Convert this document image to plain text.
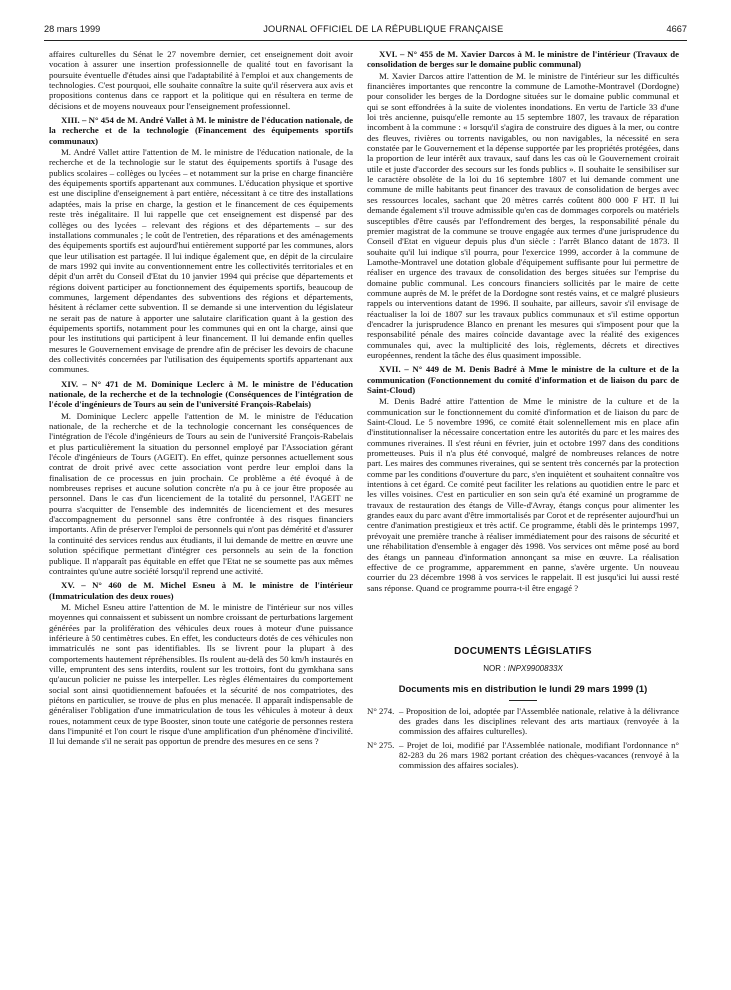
28 mars 1999	JOURNAL OFFICIEL DE LA RÉPUBLIQUE FRANÇAISE	4667

affaires culturelles du Sénat le 27 novembre dernier, cet enseignement doit avoir vocation à assurer une insertion professionnelle de qualité tout en favorisant la poursuite éventuelle d'études ainsi que l'adaptabilité à l'emploi et aux changements de technologies. C'est pourquoi, elle souhaite connaître la suite qu'il réservera aux avis et propositions contenus dans ce rapport et la politique qui en résultera en terme de décisions et de moyens nouveaux pour l'enseignement professionnel.

XIII. – N° 454 de M. André Vallet à M. le ministre de l'éducation nationale, de la recherche et de la technologie (Financement des équipements sportifs communaux)

M. André Vallet attire l'attention de M. le ministre de l'éducation nationale, de la recherche et de la technologie sur le statut des équipements sportifs à l'usage des publics scolaires – collèges ou lycées – et notamment sur la prise en charge financière des équipements sportifs appartenant aux communes. L'éducation physique et sportive est une discipline d'enseignement à part entière, nécessitant à ce titre des installations adaptées, mais la prise en charge, la gestion et le financement de ces équipements reste très inégalitaire. Il lui rappelle que cet enseignement est dispensé par des collèges ou des lycées – relevant des régions et des départements – sur des installations communales ; le coût de l'entretien, des réparations et des aménagements des équipements sportifs est aujourd'hui entièrement supporté par les communes, alors que leur utilisation est partagée. Il lui indique également que, en dépit de la circulaire de mars 1992 qui invite au conventionnement entre les collectivités territoriales et en dépit d'un arrêt du Conseil d'Etat du 10 janvier 1994 qui précise que départements et régions doivent participer au fonctionnement des équipements sportifs, beaucoup de communes, largement dépendantes des subventions des régions et départements, hésitent à réclamer cette subvention. Il se demande si une intervention du législateur ne serait pas de nature à apporter une salutaire clarification quant à la gestion des équipements sportifs, notamment pour les communes qui en ont la charge, ainsi que pour les institutions qui participent à leur financement. Il lui demande enfin quelles mesures le Gouvernement envisage de prendre afin de préciser les devoirs de chacune des collectivités concernées par l'utilisation des équipements sportifs appartenant aux communes.

XIV. – N° 471 de M. Dominique Leclerc à M. le ministre de l'éducation nationale, de la recherche et de la technologie (Conséquences de l'intégration de l'école d'ingénieurs de Tours au sein de l'université François-Rabelais)

M. Dominique Leclerc appelle l'attention de M. le ministre de l'éducation nationale, de la recherche et de la technologie concernant les conséquences de l'intégration de l'école d'ingénieurs de Tours au sein de l'université François-Rabelais et plus particulièrement la situation du personnel employé par l'Association gérant l'école d'ingénieurs de Tours (AGEIT). En effet, quinze personnes actuellement sous contrat de droit privé avec cette association vont perdre leur emploi dans la finalisation de ce processus en juin prochain. Ce problème a été évoqué à de nombreuses reprises et aucune solution concrète n'a pu à ce jour être proposée au personnel. Dans le cas d'un licenciement de la totalité du personnel, l'AGEIT ne pourra s'acquitter de l'ensemble des indemnités de licenciement et des mesures d'accompagnement du personnel sans être confrontée à des risques financiers importants. Afin de préserver l'emploi de personnels qui n'ont pas démérité et d'assurer la continuité des services rendus aux étudiants, il lui demande de mettre en œuvre une solution spécifique permettant d'intégrer ces personnels au sein de la fonction publique. Il n'apparaît pas équitable en effet que l'Etat ne se soumette pas aux mêmes contraintes qu'une autre société lorsqu'il reprend une activité.

XV. – N° 460 de M. Michel Esneu à M. le ministre de l'intérieur (Immatriculation des deux roues)

M. Michel Esneu attire l'attention de M. le ministre de l'intérieur sur nos villes moyennes qui connaissent et subissent un nombre croissant de perturbations largement générées par la prolifération des véhicules deux roues à moteur d'une puissance inférieure à 50 centimètres cubes. En effet, les conducteurs dotés de ces véhicules non immatriculés ne sont pas identifiables. Ils se livrent pour la plupart à des comportements hautement répréhensibles. Ils roulent au-delà des 50 km/h instaurés en ville, empruntent des sens interdits, roulent sur les trottoirs, font du gymkhana sans qu'aucun policier ne puisse les interpeller. Les règles élémentaires du comportement social sont ainsi quotidiennement bafouées et la sécurité de nos compatriotes, des piétons en particulier, se trouve de plus en plus menacée. Il apparaît indispensable de généraliser l'obligation d'une immatriculation de tous les véhicules à moteur à deux roues, notamment ceux de type Booster, sinon toute une catégorie de personnes restera dans l'impunité et l'on court le risque d'une amplification d'un phénomène d'incivilité. Il lui demande s'il ne serait pas opportun de prendre des mesures en ce sens ?

XVI. – N° 455 de M. Xavier Darcos à M. le ministre de l'intérieur (Travaux de consolidation de berges sur le domaine public communal)

M. Xavier Darcos attire l'attention de M. le ministre de l'intérieur sur les difficultés financières importantes que rencontre la commune de Lamothe-Montravel (Dordogne) pour consolider les berges de la Dordogne situées sur le domaine public communal et qui se sont effondrées à la suite de violentes inondations. En vertu de l'article 33 d'une loi très ancienne, puisqu'elle remonte au 15 septembre 1807, les travaux de réparation incombent à la commune : « lorsqu'il s'agira de construire des digues à la mer, ou contre des fleuves, rivières ou torrents navigables, ou non navigables, la nécessité en sera constatée par le Gouvernement et la dépense supportée par les propriétés protégées, dans la proportion de leur intérêt aux travaux, sauf dans les cas où le Gouvernement croirait utile et juste d'accorder des secours sur les fonds publics ». Il souhaite le sensibiliser sur le caractère obsolète de la loi du 16 septembre 1807 et lui demande comment une commune de mille habitants peut financer des travaux de consolidation de berges avec ses ressources locales, sachant que 20 mètres carrés coûtent 800 000 F HT. Il lui demande également s'il trouve admissible qu'en cas de dommages corporels ou matériels susceptibles d'être causés par l'effondrement des berges, la responsabilité pénale du premier magistrat de la commune se trouve engagée aux termes d'une jurisprudence du Conseil d'Etat en vigueur depuis plus d'un siècle : l'arrêt Blanco datant de 1873. Il souhaite qu'il lui indique s'il pourra, pour l'exercice 1999, accorder à la commune de Lamothe-Montravel une dotation globale d'équipement suffisante pour lui permettre de réaliser en urgence des travaux de consolidation des berges situées sur l'emprise du domaine public communal. Les concours financiers sollicités par le maire de cette commune auprès de M. le préfet de la Dordogne sont restés vains, et ce malgré plusieurs rappels ou interventions datant de 1996. Il souhaite, par ailleurs, savoir s'il envisage de réactualiser la loi de 1807 sur les travaux publics communaux et s'il estime opportun d'encadrer la jurisprudence Blanco en prenant les mesures qui s'imposent pour que la responsabilité pénale des maires coïncide davantage avec la réalité des exigences communales qui, avec la multiplicité des lois, règlements, décrets et directives européennes, rendent la tâche des élus quasiment impossible.

XVII. – N° 449 de M. Denis Badré à Mme le ministre de la culture et de la communication (Fonctionnement du comité d'information et de liaison du parc de Saint-Cloud)

M. Denis Badré attire l'attention de Mme le ministre de la culture et de la communication sur le fonctionnement du comité d'information et de liaison du parc de Saint-Cloud. Le 5 novembre 1996, ce comité était solennellement mis en place afin d'institutionnaliser la nécessaire concertation entre les autorités du parc et les maires des communes riveraines. Il s'est réuni en février, juin et octobre 1997 dans des conditions prometteuses. Puis il n'a plus été convoqué, malgré de nombreuses relances de notre part. Les maires des communes riveraines, qui se sentent très concernés par la protection comme par les conditions d'ouverture du parc, s'en inquiètent et souhaitent connaître vos intentions à cet égard. Ce comité peut faciliter les relations au quotidien entre le parc et les villes voisines. C'est en particulier en son sein qu'a été examiné un programme de travaux de restauration des étangs de Ville-d'Avray, étangs conçus pour alimenter les grandes eaux du parc avant d'être immortalisés par Corot et de représenter aujourd'hui un centre d'animation prestigieux et très actif. Ce programme, établi dès le printemps 1997, prévoyait une première tranche à réaliser immédiatement pour des raisons de sécurité et une réhabilitation d'ensemble à engager dès 1998. Vos services ont même posé au bord des étangs un panneau d'information annonçant sa mise en œuvre. La réalisation effective de ce programme, apparemment en panne, s'avère urgente. Un nouveau courrier du 23 décembre 1998 à vos services le rappelait. Il est jusqu'ici lui aussi resté sans réponse. Quand ce programme pourra-t-il être engagé ?

DOCUMENTS LÉGISLATIFS
NOR : INPX9900833X
Documents mis en distribution le lundi 29 mars 1999 (1)

N° 274. – Proposition de loi, adoptée par l'Assemblée nationale, relative à la délivrance des grades dans les disciplines relevant des arts martiaux (renvoyée à la commission des affaires culturelles).

N° 275. – Projet de loi, modifié par l'Assemblée nationale, modifiant l'ordonnance n° 82-283 du 26 mars 1982 portant création des chèques-vacances (renvoyé à la commission des affaires sociales).
